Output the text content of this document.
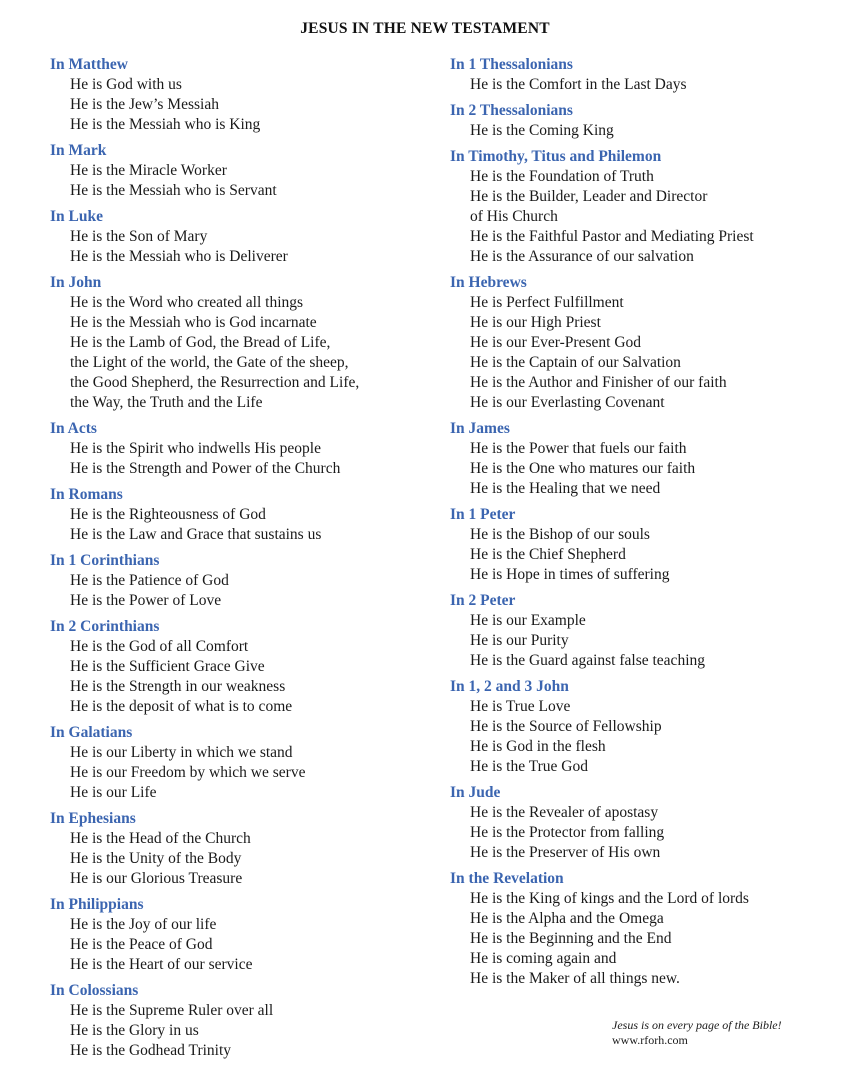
JESUS IN THE NEW TESTAMENT
In Matthew
He is God with us
He is the Jew’s Messiah
He is the Messiah who is King
In Mark
He is the Miracle Worker
He is the Messiah who is Servant
In Luke
He is the Son of Mary
He is the Messiah who is Deliverer
In John
He is the Word who created all things
He is the Messiah who is God incarnate
He is the Lamb of God, the Bread of Life,
the Light of the world, the Gate of the sheep,
the Good Shepherd, the Resurrection and Life,
the Way, the Truth and the Life
In Acts
He is the Spirit who indwells His people
He is the Strength and Power of the Church
In Romans
He is the Righteousness of God
He is the Law and Grace that sustains us
In 1 Corinthians
He is the Patience of God
He is the Power of Love
In 2 Corinthians
He is the God of all Comfort
He is the Sufficient Grace Give
He is the Strength in our weakness
He is the deposit of what is to come
In Galatians
He is our Liberty in which we stand
He is our Freedom by which we serve
He is our Life
In Ephesians
He is the Head of the Church
He is the Unity of the Body
He is our Glorious Treasure
In Philippians
He is the Joy of our life
He is the Peace of God
He is the Heart of our service
In Colossians
He is the Supreme Ruler over all
He is the Glory in us
He is the Godhead Trinity
In 1 Thessalonians
He is the Comfort in the Last Days
In 2 Thessalonians
He is the Coming King
In Timothy, Titus and Philemon
He is the Foundation of Truth
He is the Builder, Leader and Director
of His Church
He is the Faithful Pastor and Mediating Priest
He is the Assurance of our salvation
In Hebrews
He is Perfect Fulfillment
He is our High Priest
He is our Ever-Present God
He is the Captain of our Salvation
He is the Author and Finisher of our faith
He is our Everlasting Covenant
In James
He is the Power that fuels our faith
He is the One who matures our faith
He is the Healing that we need
In 1 Peter
He is the Bishop of our souls
He is the Chief Shepherd
He is Hope in times of suffering
In 2 Peter
He is our Example
He is our Purity
He is the Guard against false teaching
In 1, 2 and 3 John
He is True Love
He is the Source of Fellowship
He is God in the flesh
He is the True God
In Jude
He is the Revealer of apostasy
He is the Protector from falling
He is the Preserver of His own
In the Revelation
He is the King of kings and the Lord of lords
He is the Alpha and the Omega
He is the Beginning and the End
He is coming again and
He is the Maker of all things new.
Jesus is on every page of the Bible!
www.rforh.com
